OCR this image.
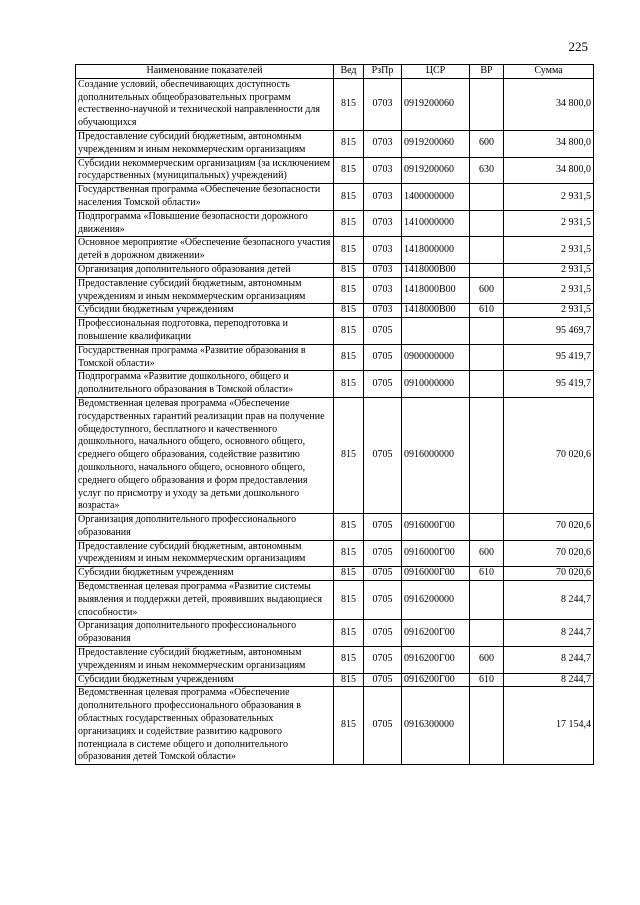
225
Наименование показателей	Вед	РзПр	ЦСР	ВР	Сумма
Создание условий, обеспечивающих доступность дополнительных общеобразовательных программ естественно-научной и технической направленности для обучающихся	815	0703	0919200060		34 800,0
Предоставление субсидий бюджетным, автономным учреждениям и иным некоммерческим организациям	815	0703	0919200060	600	34 800,0
Субсидии некоммерческим организациям (за исключением государственных (муниципальных) учреждений)	815	0703	0919200060	630	34 800,0
Государственная программа «Обеспечение безопасности населения Томской области»	815	0703	1400000000		2 931,5
Подпрограмма «Повышение безопасности дорожного движения»	815	0703	1410000000		2 931,5
Основное мероприятие «Обеспечение безопасного участия детей в дорожном движении»	815	0703	1418000000		2 931,5
Организация дополнительного образования детей	815	0703	1418000В00		2 931,5
Предоставление субсидий бюджетным, автономным учреждениям и иным некоммерческим организациям	815	0703	1418000В00	600	2 931,5
Субсидии бюджетным учреждениям	815	0703	1418000В00	610	2 931,5
Профессиональная подготовка, переподготовка и повышение квалификации	815	0705			95 469,7
Государственная программа «Развитие образования в Томской области»	815	0705	0900000000		95 419,7
Подпрограмма «Развитие дошкольного, общего и дополнительного образования в Томской области»	815	0705	0910000000		95 419,7
Ведомственная целевая программа «Обеспечение государственных гарантий реализации прав на получение общедоступного, бесплатного и качественного дошкольного, начального общего, основного общего, среднего общего образования, содействие развитию дошкольного, начального общего, основного общего, среднего общего образования и форм предоставления услуг по присмотру и уходу за детьми дошкольного возраста»	815	0705	0916000000		70 020,6
Организация дополнительного профессионального образования	815	0705	0916000Г00		70 020,6
Предоставление субсидий бюджетным, автономным учреждениям и иным некоммерческим организациям	815	0705	0916000Г00	600	70 020,6
Субсидии бюджетным учреждениям	815	0705	0916000Г00	610	70 020,6
Ведомственная целевая программа «Развитие системы выявления и поддержки детей, проявивших выдающиеся способности»	815	0705	0916200000		8 244,7
Организация дополнительного профессионального образования	815	0705	0916200Г00		8 244,7
Предоставление субсидий бюджетным, автономным учреждениям и иным некоммерческим организациям	815	0705	0916200Г00	600	8 244,7
Субсидии бюджетным учреждениям	815	0705	0916200Г00	610	8 244,7
Ведомственная целевая программа «Обеспечение дополнительного профессионального образования в областных государственных образовательных организациях и содействие развитию кадрового потенциала в системе общего и дополнительного образования детей Томской области»	815	0705	0916300000		17 154,4
